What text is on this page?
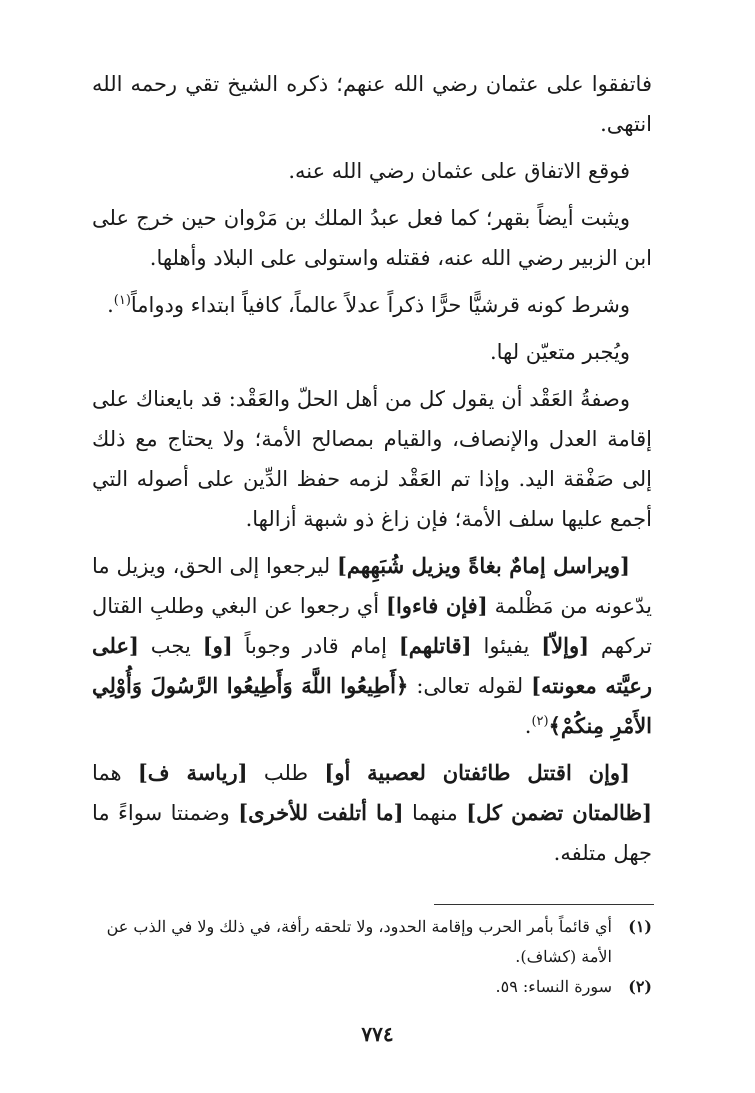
فاتفقوا على عثمان رضي الله عنهم؛ ذكره الشيخ تقي رحمه الله انتهى.

فوقع الاتفاق على عثمان رضي الله عنه.

ويثبت أيضاً بقهر؛ كما فعل عبدُ الملك بن مَرْوان حين خرج على ابن الزبير رضي الله عنه، فقتله واستولى على البلاد وأهلها.

وشرط كونه قرشيًّا حرًّا ذكراً عدلاً عالماً، كافياً ابتداء ودواماً$^{(١)}$.

ويُجبر متعيّن لها.

وصفةُ العَقْد أن يقول كل من أهل الحلّ والعَقْد: قد بايعناك على إقامة العدل والإنصاف، والقيام بمصالح الأمة؛ ولا يحتاج مع ذلك إلى صَفْقة اليد. وإذا تم العَقْد لزمه حفظ الدِّين على أصوله التي أجمع عليها سلف الأمة؛ فإن زاغ ذو شبهة أزالها.

[ويراسل إمامٌ بغاةً ويزيل شُبَهِهم] ليرجعوا إلى الحق، ويزيل ما يدّعونه من مَظْلمة [فإن فاءوا] أي رجعوا عن البغي وطلبِ القتال تركهم [وإلاّ] يفيئوا [قاتلهم] إمام قادر وجوباً [و] يجب [على رعيَّته معونته] لقوله تعالى: ﴿أَطِيعُوا اللَّهَ وَأَطِيعُوا الرَّسُولَ وَأُوْلِي الأَمْرِ مِنكُمْ﴾$^{(٢)}$.

[وإن اقتتل طائفتان لعصبية أو] طلب [رياسة ف] هما [ظالمتان تضمن كل] منهما [ما أتلفت للأخرى] وضمنتا سواءً ما جهل متلفه.

(١)
أي قائماً بأمر الحرب وإقامة الحدود، ولا تلحقه رأفة، في ذلك ولا في الذب عن الأمة (كشاف).
(٢)
سورة النساء: ٥٩.
٧٧٤
